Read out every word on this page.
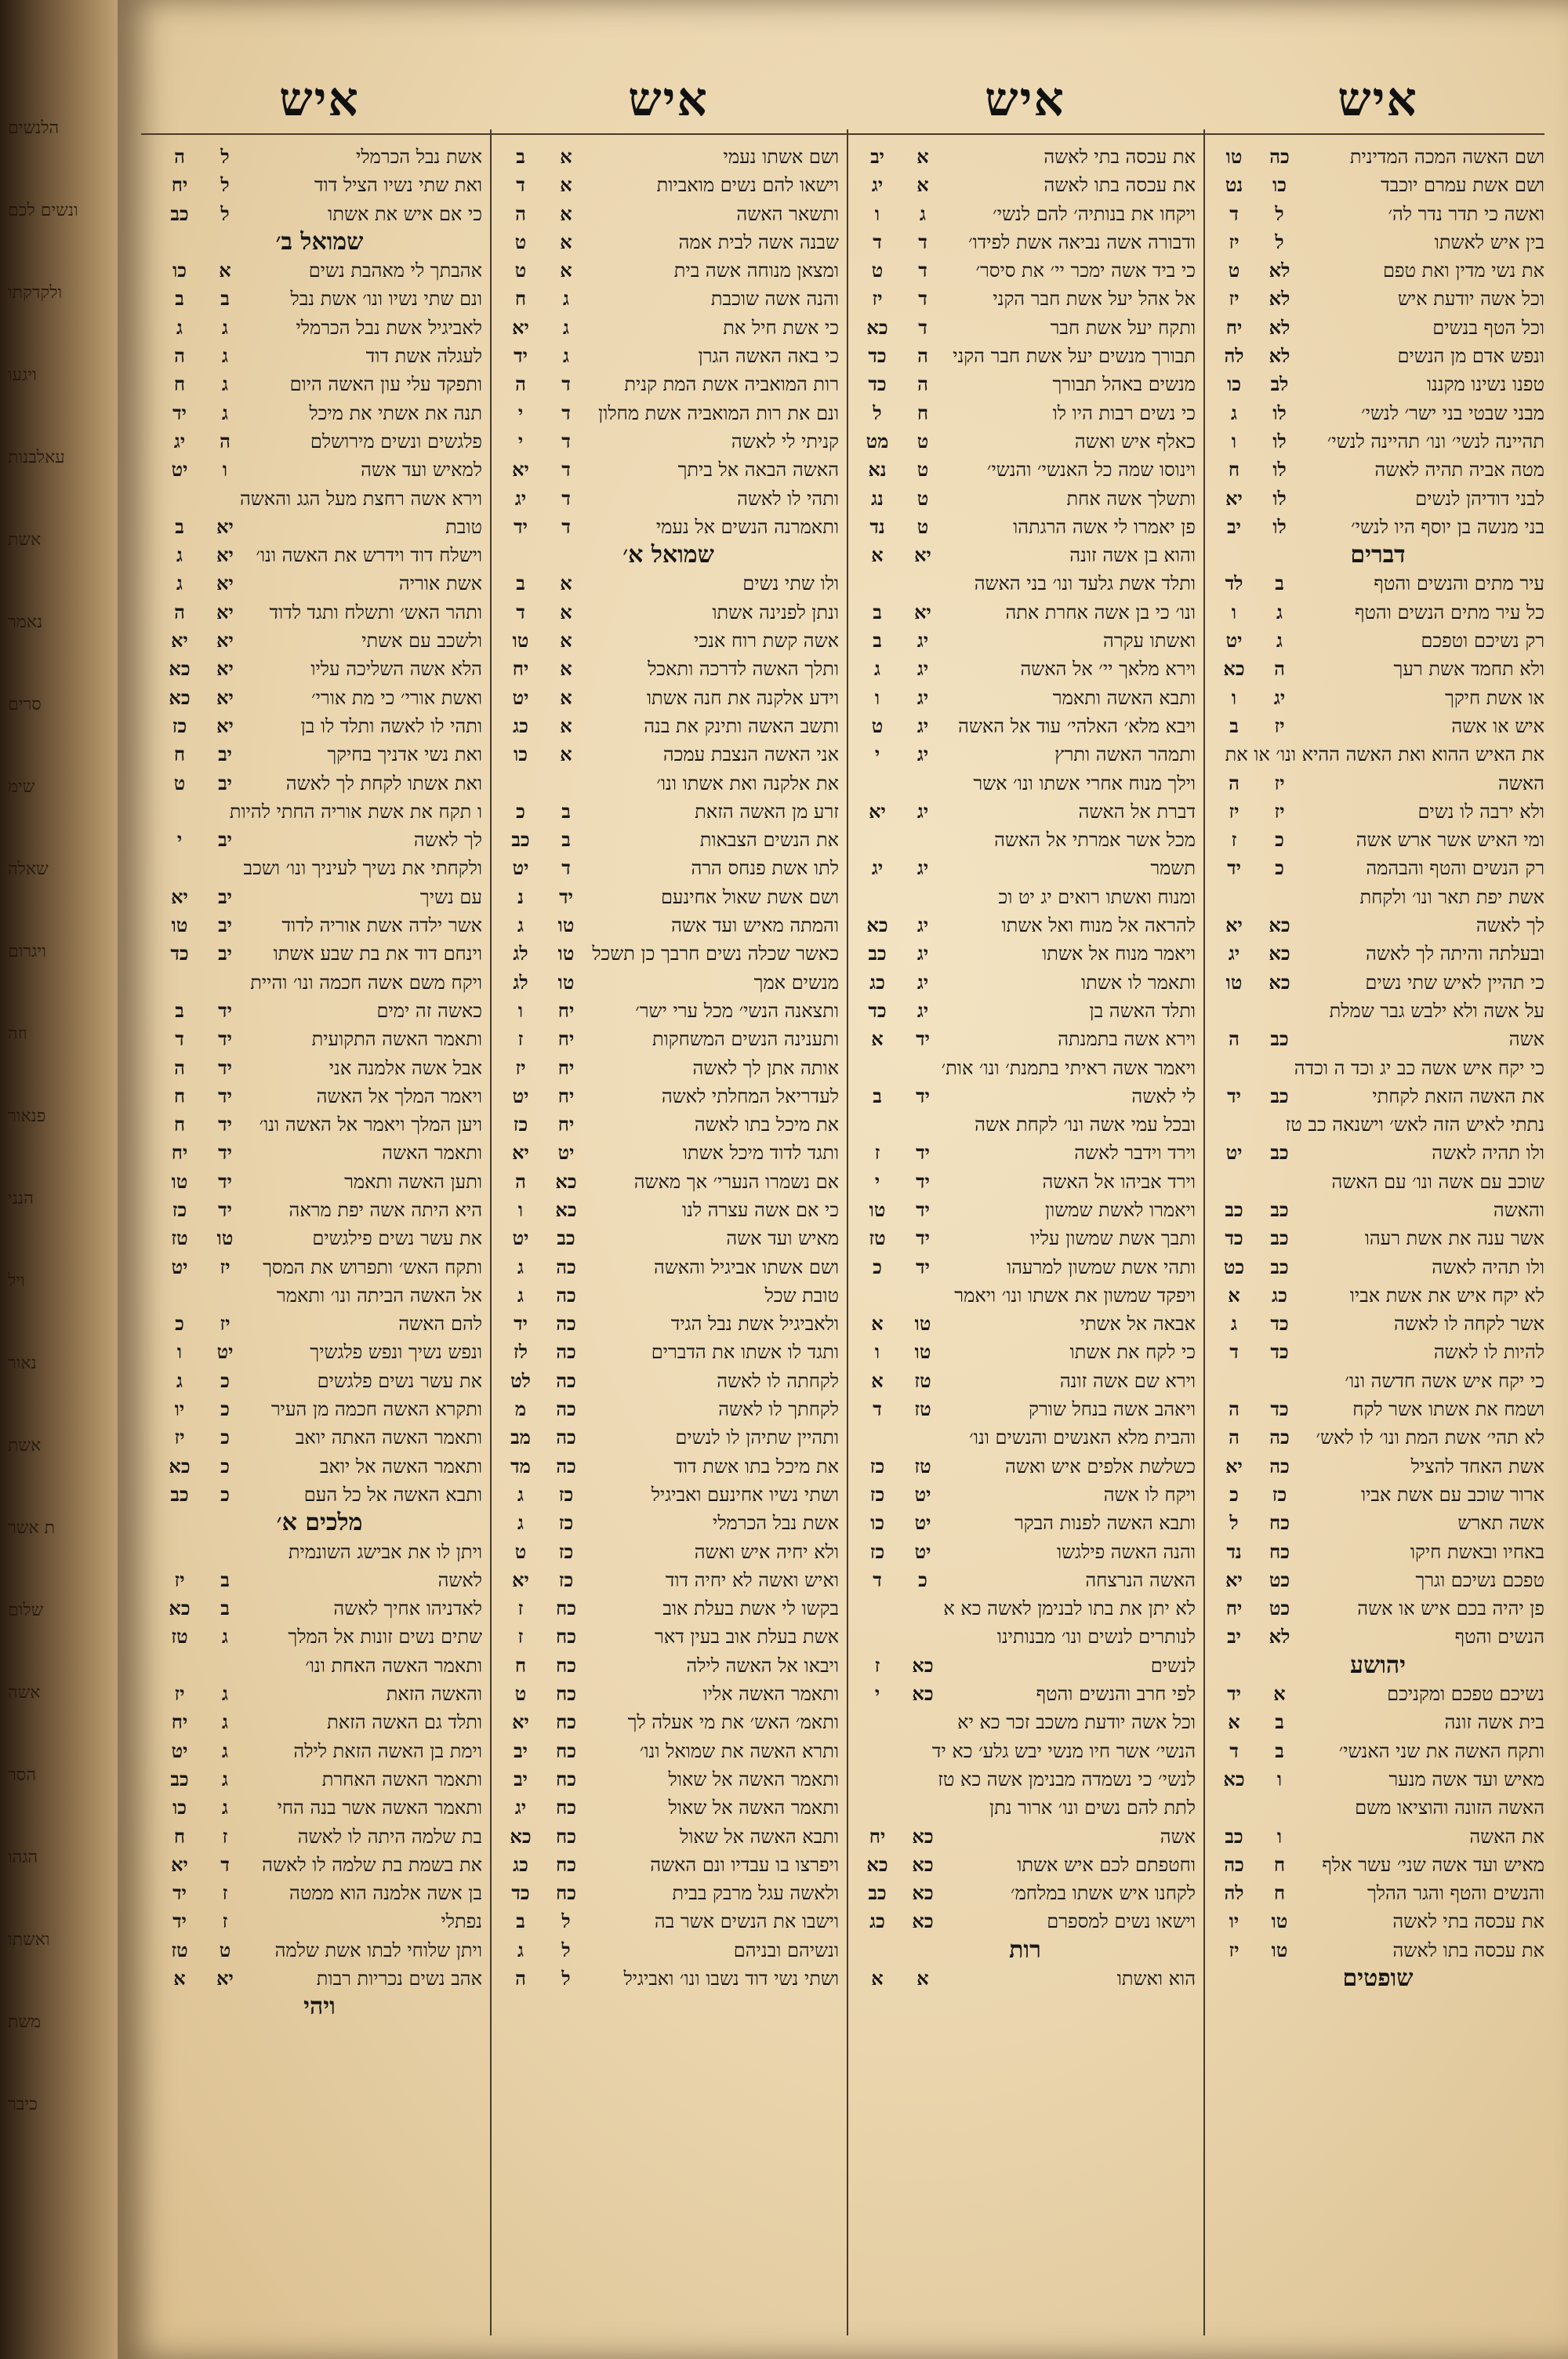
הלנשים
ונשים לכם
ולקדקתו
ויגעו
עאלבנות
אשת
נאמר
סרים
שימ
שאלה
ויגרום
וזה
פנאור
הנני
ויל
נאור
אשת
ת אשר
שלום
אשה
הסר
הגהו
ואשתו
משת
כיבר
איש
ושם האשה המכה המדינית
כה
טו
ושם אשת עמרם יוכבד
כו
נט
ואשה כי תדר נדר לה׳
ל
ד
בין איש לאשתו
ל
יז
את נשי מדין ואת טפם
לא
ט
וכל אשה יודעת איש
לא
יז
וכל הטף בנשים
לא
יח
ונפש אדם מן הנשים
לא
לה
טפנו נשינו מקננו
לב
כו
מבני שבטי בני ישר׳ לנשי׳
לו
ג
תהיינה לנשי׳ ונו׳ תהיינה לנשי׳
לו
ו
מטה אביה תהיה לאשה
לו
ח
לבני דודיהן לנשים
לו
יא
בני מנשה בן יוסף היו לנשי׳
לו
יב
דברים
עיר מתים והנשים והטף
ב
לד
כל עיר מתים הנשים והטף
ג
ו
רק נשיכם וטפכם
ג
יט
ולא תחמד אשת רעך
ה
כא
או אשת חיקך
יג
ו
איש או אשה
יז
ב
את האיש ההוא ואת האשה ההיא ונו׳ או את
האשה
יז
ה
ולא ירבה לו נשים
יז
יז
ומי האיש אשר ארש אשה
כ
ז
רק הנשים והטף והבהמה
כ
יד
אשת יפת תאר ונו׳ ולקחת
לך לאשה
כא
יא
ובעלתה והיתה לך לאשה
כא
יג
כי תהיין לאיש שתי נשים
כא
טו
על אשה ולא ילבש גבר שמלת
אשה
כב
ה
כי יקח איש אשה כב יג וכד ה וכדה
את האשה הזאת לקחתי
כב
יד
נתתי לאיש הזה לאש׳ וישנאה כב טז
ולו תהיה לאשה
כב
יט
שוכב עם אשה ונו׳ עם האשה
והאשה
כב
כב
אשר ענה את אשת רעהו
כב
כד
ולו תהיה לאשה
כב
כט
לא יקח איש את אשת אביו
כג
א
אשר לקחה לו לאשה
כד
ג
להיות לו לאשה
כד
ד
כי יקח איש אשה חדשה ונו׳
ושמח את אשתו אשר לקח
כד
ה
לא תהי׳ אשת המת ונו׳ לו לאש׳
כה
ה
אשת האחד להציל
כה
יא
ארור שוכב עם אשת אביו
כז
כ
אשה תארש
כח
ל
באחיו ובאשת חיקו
כח
נד
טפכם נשיכם וגרך
כט
יא
פן יהיה בכם איש או אשה
כט
יח
הנשים והטף
לא
יב
יהושע
נשיכם טפכם ומקניכם
א
יד
בית אשה זונה
ב
א
ותקח האשה את שני האנשי׳
ב
ד
מאיש ועד אשה מנער
ו
כא
האשה הזונה והוציאו משם
את האשה
ו
כב
מאיש ועד אשה שני׳ עשר אלף
ח
כה
והנשים והטף והגר ההלך
ח
לה
את עכסה בתי לאשה
טו
יו
את עכסה בתו לאשה
טו
יז
שופטים
איש
את עכסה בתי לאשה
א
יב
את עכסה בתו לאשה
א
יג
ויקחו את בנותיה׳ להם לנשי׳
ג
ו
ודבורה אשה נביאה אשת לפידו׳
ד
ד
כי ביד אשה ימכר יי׳ את סיסר׳
ד
ט
אל אהל יעל אשת חבר הקני
ד
יז
ותקח יעל אשת חבר
ד
כא
תבורך מנשים יעל אשת חבר הקני
ה
כד
מנשים באהל תבורך
ה
כד
כי נשים רבות היו לו
ח
ל
כאלף איש ואשה
ט
מט
וינוסו שמה כל האנשי׳ והנשי׳
ט
נא
ותשלך אשה אחת
ט
נג
פן יאמרו לי אשה הרגתהו
ט
נד
והוא בן אשה זונה
יא
א
ותלד אשת גלעד ונו׳ בני האשה
ונו׳ כי בן אשה אחרת אתה
יא
ב
ואשתו עקרה
יג
ב
וירא מלאך יי׳ אל האשה
יג
ג
ותבא האשה ותאמר
יג
ו
ויבא מלא׳ האלהי׳ עוד אל האשה
יג
ט
ותמהר האשה ותרץ
יג
י
וילך מנוח אחרי אשתו ונו׳ אשר
דברת אל האשה
יג
יא
מכל אשר אמרתי אל האשה
תשמר
יג
יג
ומנוח ואשתו רואים יג יט וכ
להראה אל מנוח ואל אשתו
יג
כא
ויאמר מנוח אל אשתו
יג
כב
ותאמר לו אשתו
יג
כג
ותלד האשה בן
יג
כד
וירא אשה בתמנתה
יד
א
ויאמר אשה ראיתי בתמנת׳ ונו׳ אות׳
לי לאשה
יד
ב
ובכל עמי אשה ונו׳ לקחת אשה
וירד וידבר לאשה
יד
ז
וירד אביהו אל האשה
יד
י
ויאמרו לאשת שמשון
יד
טו
ותבך אשת שמשון עליו
יד
טז
ותהי אשת שמשון למרעהו
יד
כ
ויפקד שמשון את אשתו ונו׳ ויאמר
אבאה אל אשתי
טו
א
כי לקח את אשתו
טו
ו
וירא שם אשה זונה
טז
א
ויאהב אשה בנחל שורק
טז
ד
והבית מלא האנשים והנשים ונו׳
כשלשת אלפים איש ואשה
טז
כז
ויקח לו אשה
יט
כז
ותבא האשה לפנות הבקר
יט
כו
והנה האשה פילגשו
יט
כז
האשה הנרצחה
כ
ד
לא יתן את בתו לבנימן לאשה כא א
לנותרים לנשים ונו׳ מבנותינו
לנשים
כא
ז
לפי חרב והנשים והטף
כא
י
וכל אשה יודעת משכב זכר כא יא
הנשי׳ אשר חיו מנשי יבש גלע׳ כא יד
לנשי׳ כי נשמדה מבנימן אשה כא טז
לתת להם נשים ונו׳ ארור נתן
אשה
כא
יח
וחטפתם לכם איש אשתו
כא
כא
לקחנו איש אשתו במלחמ׳
כא
כב
וישאו נשים למספרם
כא
כג
רות
הוא ואשתו
א
א
איש
ושם אשתו נעמי
א
ב
וישאו להם נשים מואביות
א
ד
ותשאר האשה
א
ה
שבנה אשה לבית אמה
א
ט
ומצאן מנוחה אשה בית
א
ט
והנה אשה שוכבת
ג
ח
כי אשת חיל את
ג
יא
כי באה האשה הגרן
ג
יד
רות המואביה אשת המת קנית
ד
ה
ונם את רות המואביה אשת מחלון
ד
י
קניתי לי לאשה
ד
י
האשה הבאה אל ביתך
ד
יא
ותהי לו לאשה
ד
יג
ותאמרנה הנשים אל נעמי
ד
יד
שמואל א׳
ולו שתי נשים
א
ב
ונתן לפנינה אשתו
א
ד
אשה קשת רוח אנכי
א
טו
ותלך האשה לדרכה ותאכל
א
יח
וידע אלקנה את חנה אשתו
א
יט
ותשב האשה ותינק את בנה
א
כג
אני האשה הנצבת עמכה
א
כו
את אלקנה ואת אשתו ונו׳
זרע מן האשה הזאת
ב
כ
את הנשים הצבאות
ב
כב
לתו אשת פנחס הרה
ד
יט
ושם אשת שאול אחינעם
יד
נ
והמתה מאיש ועד אשה
טו
ג
כאשר שכלה נשים חרבך כן תשכל
טו
לג
מנשים אמך
טו
לג
ותצאנה הנשי׳ מכל ערי ישר׳
יח
ו
ותענינה הנשים המשחקות
יח
ז
אותה אתן לך לאשה
יח
יז
לעדריאל המחלתי לאשה
יח
יט
את מיכל בתו לאשה
יח
כז
ותגד לדוד מיכל אשתו
יט
יא
אם נשמרו הנערי׳ אך מאשה
כא
ה
כי אם אשה עצרה לנו
כא
ו
מאיש ועד אשה
כב
יט
ושם אשתו אביגיל והאשה
כה
ג
טובת שכל
כה
ג
ולאביגיל אשת נבל הגיד
כה
יד
ותגד לו אשתו את הדברים
כה
לז
לקחתה לו לאשה
כה
לט
לקחתך לו לאשה
כה
מ
ותהיין שתיהן לו לנשים
כה
מב
את מיכל בתו אשת דוד
כה
מד
ושתי נשיו אחינעם ואביגיל
כז
ג
אשת נבל הכרמלי
כז
ג
ולא יחיה איש ואשה
כז
ט
ואיש ואשה לא יחיה דוד
כז
יא
בקשו לי אשת בעלת אוב
כח
ז
אשת בעלת אוב בעין דאר
כח
ז
ויבאו אל האשה לילה
כח
ח
ותאמר האשה אליו
כח
ט
ותאמ׳ האש׳ את מי אעלה לך
כח
יא
ותרא האשה את שמואל ונו׳
כח
יב
ותאמר האשה אל שאול
כח
יב
ותאמר האשה אל שאול
כח
יג
ותבא האשה אל שאול
כח
כא
ויפרצו בו עבדיו ונם האשה
כח
כג
ולאשה עגל מרבק בבית
כח
כד
וישבו את הנשים אשר בה
ל
ב
ונשיהם ובניהם
ל
ג
ושתי נשי דוד נשבו ונו׳ ואביגיל
ל
ה
איש
אשת נבל הכרמלי
ל
ה
ואת שתי נשיו הציל דוד
ל
יח
כי אם איש את אשתו
ל
כב
שמואל ב׳
אהבתך לי מאהבת נשים
א
כו
ונם שתי נשיו ונו׳ אשת נבל
ב
ב
לאביגיל אשת נבל הכרמלי
ג
ג
לעגלה אשת דוד
ג
ה
ותפקד עלי עון האשה היום
ג
ח
תנה את אשתי את מיכל
ג
יד
פלגשים ונשים מירושלם
ה
יג
למאיש ועד אשה
ו
יט
וירא אשה רחצת מעל הגג והאשה
טובת
יא
ב
וישלח דוד וידרש את האשה ונו׳
יא
ג
אשת אוריה
יא
ג
ותהר האש׳ ותשלח ותגד לדוד
יא
ה
ולשכב עם אשתי
יא
יא
הלא אשה השליכה עליו
יא
כא
ואשת אורי׳ כי מת אורי׳
יא
כא
ותהי לו לאשה ותלד לו בן
יא
כז
ואת נשי אדניך בחיקך
יב
ח
ואת אשתו לקחת לך לאשה
יב
ט
ו תקח את אשת אוריה החתי להיות
לך לאשה
יב
י
ולקחתי את נשיך לעיניך ונו׳ ושכב
עם נשיך
יב
יא
אשר ילדה אשת אוריה לדוד
יב
טו
וינחם דוד את בת שבע אשתו
יב
כד
ויקח משם אשה חכמה ונו׳ והיית
כאשה זה ימים
יד
ב
ותאמר האשה התקועית
יד
ד
אבל אשה אלמנה אני
יד
ה
ויאמר המלך אל האשה
יד
ח
ויען המלך ויאמר אל האשה ונו׳
יד
ח
ותאמר האשה
יד
יח
ותען האשה ותאמר
יד
טו
היא היתה אשה יפת מראה
יד
כז
את עשר נשים פילגשים
טו
טז
ותקח האש׳ ותפרוש את המסך
יז
יט
אל האשה הביתה ונו׳ ותאמר
להם האשה
יז
כ
ונפש נשיך ונפש פלגשיך
יט
ו
את עשר נשים פלגשים
כ
ג
ותקרא האשה חכמה מן העיר
כ
יו
ותאמר האשה האתה יואב
כ
יז
ותאמר האשה אל יואב
כ
כא
ותבא האשה אל כל העם
כ
כב
מלכים א׳
ויתן לו את אבישג השונמית
לאשה
ב
יז
לאדניהו אחיך לאשה
ב
כא
שתים נשים זונות אל המלך
ג
טז
ותאמר האשה האחת ונו׳
והאשה הזאת
ג
יז
ותלד גם האשה הזאת
ג
יח
וימת בן האשה הזאת לילה
ג
יט
ותאמר האשה האחרת
ג
כב
ותאמר האשה אשר בנה החי
ג
כו
בת שלמה היתה לו לאשה
ז
ח
את בשמת בת שלמה לו לאשה
ד
יא
בן אשה אלמנה הוא ממטה
ז
יד
נפתלי
ז
יד
ויתן שלוחי לבתו אשת שלמה
ט
טז
אהב נשים נכריות רבות
יא
א
ויהי
